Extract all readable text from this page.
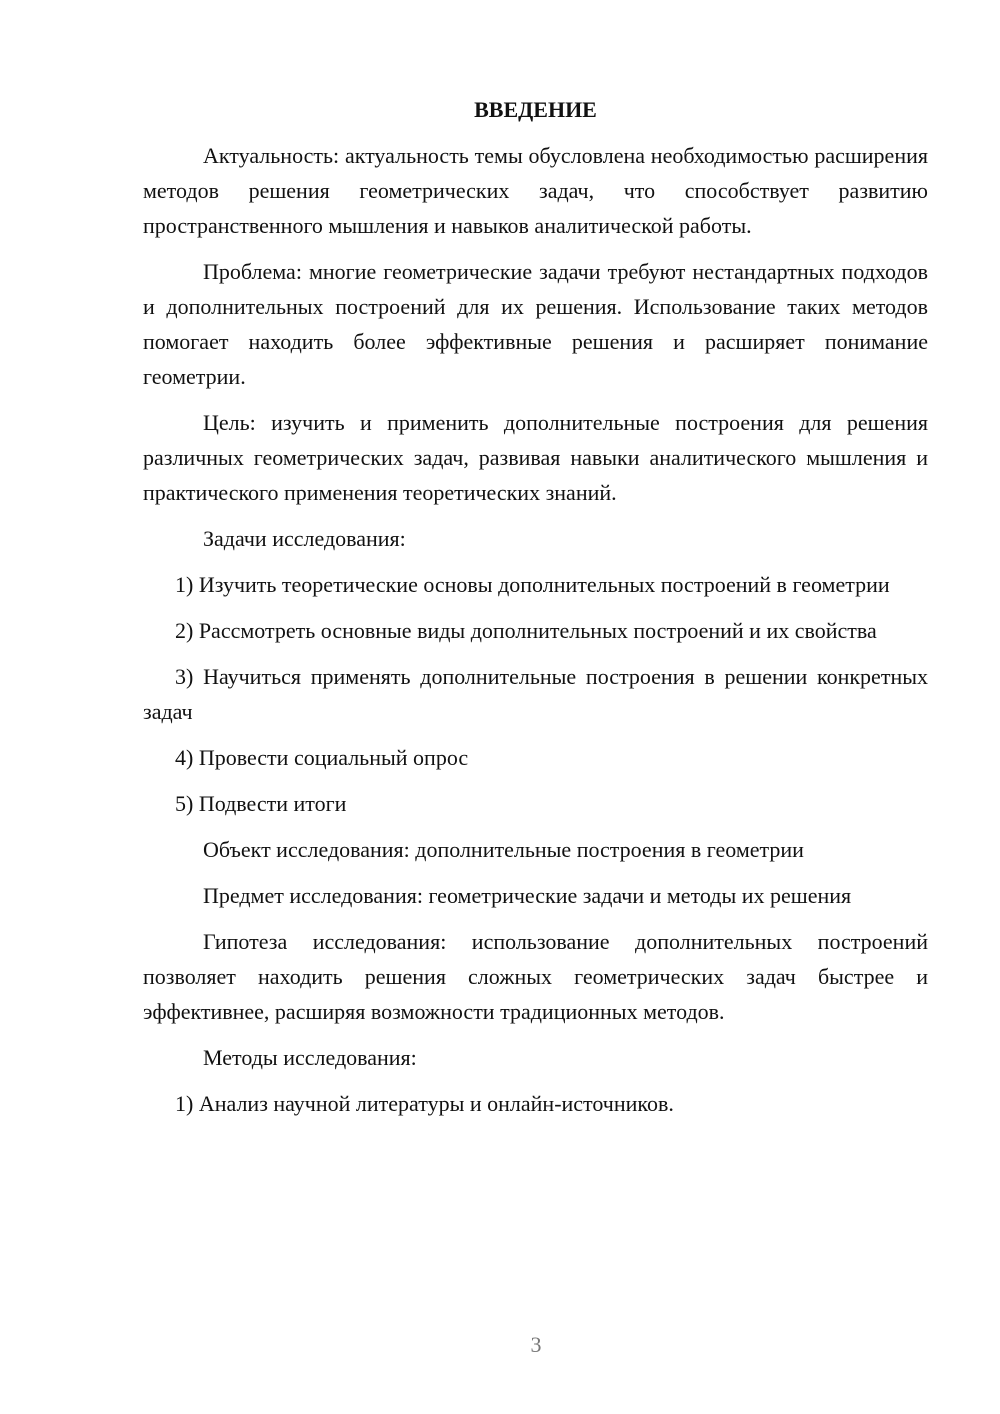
ВВЕДЕНИЕ

Актуальность: актуальность темы обусловлена необходимостью расширения методов решения геометрических задач, что способствует развитию пространственного мышления и навыков аналитической работы.

Проблема: многие геометрические задачи требуют нестандартных подходов и дополнительных построений для их решения. Использование таких методов помогает находить более эффективные решения и расширяет понимание геометрии.

Цель: изучить и применить дополнительные построения для решения различных геометрических задач, развивая навыки аналитического мышления и практического применения теоретических знаний.

Задачи исследования:

1) Изучить теоретические основы дополнительных построений в геометрии

2) Рассмотреть основные виды дополнительных построений и их свойства

3) Научиться применять дополнительные построения в решении конкретных задач

4) Провести социальный опрос

5) Подвести итоги

Объект исследования: дополнительные построения в геометрии

Предмет исследования: геометрические задачи и методы их решения

Гипотеза исследования: использование дополнительных построений позволяет находить решения сложных геометрических задач быстрее и эффективнее, расширяя возможности традиционных методов.

Методы исследования:

1) Анализ научной литературы и онлайн-источников.

3
